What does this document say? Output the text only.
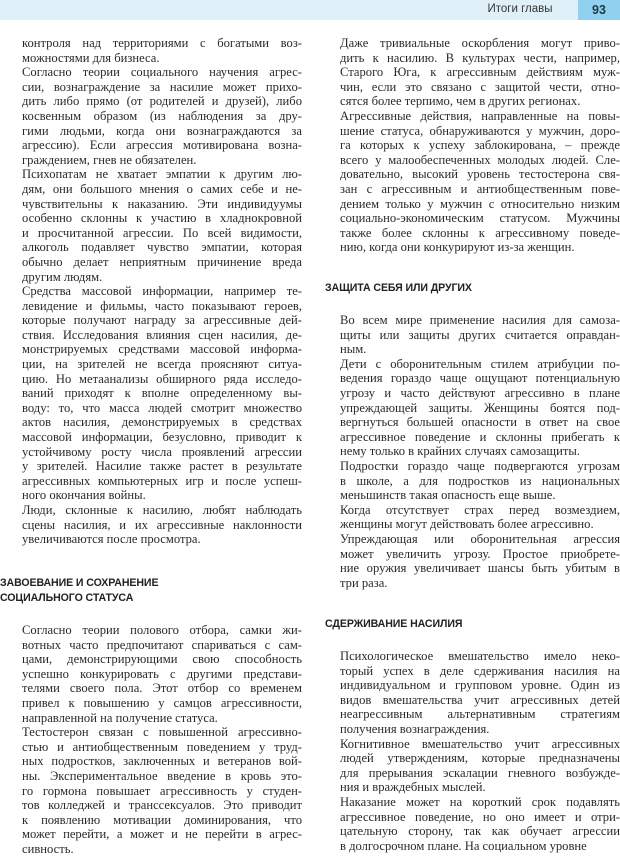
Итоги главы	93
контроля над территориями с богатыми воз-
можностями для бизнеса.
Согласно теории социального научения агрес-
сии, вознаграждение за насилие может прихо-
дить либо прямо (от родителей и друзей), либо
косвенным образом (из наблюдения за дру-
гими людьми, когда они вознаграждаются за
агрессию). Если агрессия мотивирована возна-
граждением, гнев не обязателен.
Психопатам не хватает эмпатии к другим лю-
дям, они большого мнения о самих себе и не-
чувствительны к наказанию. Эти индивидуумы
особенно склонны к участию в хладнокровной
и просчитанной агрессии. По всей видимости,
алкоголь подавляет чувство эмпатии, которая
обычно делает неприятным причинение вреда
другим людям.
Средства массовой информации, например те-
левидение и фильмы, часто показывают героев,
которые получают награду за агрессивные дей-
ствия. Исследования влияния сцен насилия, де-
монстрируемых средствами массовой информа-
ции, на зрителей не всегда проясняют ситуа-
цию. Но метаанализы обширного ряда исследо-
ваний приходят к вполне определенному вы-
воду: то, что масса людей смотрит множество
актов насилия, демонстрируемых в средствах
массовой информации, безусловно, приводит к
устойчивому росту числа проявлений агрессии
у зрителей. Насилие также растет в результате
агрессивных компьютерных игр и после успеш-
ного окончания войны.
Люди, склонные к насилию, любят наблюдать
сцены насилия, и их агрессивные наклонности
увеличиваются после просмотра.
ЗАВОЕВАНИЕ И СОХРАНЕНИЕ
СОЦИАЛЬНОГО СТАТУСА
Согласно теории полового отбора, самки жи-
вотных часто предпочитают спариваться с сам-
цами, демонстрирующими свою способность
успешно конкурировать с другими представи-
телями своего пола. Этот отбор со временем
привел к повышению у самцов агрессивности,
направленной на получение статуса.
Тестостерон связан с повышенной агрессивно-
стью и антиобщественным поведением у труд-
ных подростков, заключенных и ветеранов вой-
ны. Экспериментальное введение в кровь это-
го гормона повышает агрессивность у студен-
тов колледжей и транссексуалов. Это приводит
к появлению мотивации доминирования, что
может перейти, а может и не перейти в агрес-
сивность.
Даже тривиальные оскорбления могут приво-
дить к насилию. В культурах чести, например,
Старого Юга, к агрессивным действиям муж-
чин, если это связано с защитой чести, отно-
сятся более терпимо, чем в других регионах.
Агрессивные действия, направленные на повы-
шение статуса, обнаруживаются у мужчин, доро-
га которых к успеху заблокирована, – прежде
всего у малообеспеченных молодых людей. Сле-
довательно, высокий уровень тестостерона свя-
зан с агрессивным и антиобщественным пове-
дением только у мужчин с относительно низким
социально-экономическим статусом. Мужчины
также более склонны к агрессивному поведе-
нию, когда они конкурируют из-за женщин.
ЗАЩИТА СЕБЯ ИЛИ ДРУГИХ
Во всем мире применение насилия для самоза-
щиты или защиты других считается оправдан-
ным.
Дети с оборонительным стилем атрибуции по-
ведения гораздо чаще ощущают потенциальную
угрозу и часто действуют агрессивно в плане
упреждающей защиты. Женщины боятся под-
вергнуться большей опасности в ответ на свое
агрессивное поведение и склонны прибегать к
нему только в крайних случаях самозащиты.
Подростки гораздо чаще подвергаются угрозам
в школе, а для подростков из национальных
меньшинств такая опасность еще выше.
Когда отсутствует страх перед возмездием,
женщины могут действовать более агрессивно.
Упреждающая или оборонительная агрессия
может увеличить угрозу. Простое приобрете-
ние оружия увеличивает шансы быть убитым в
три раза.
СДЕРЖИВАНИЕ НАСИЛИЯ
Психологическое вмешательство имело неко-
торый успех в деле сдерживания насилия на
индивидуальном и групповом уровне. Один из
видов вмешательства учит агрессивных детей
неагрессивным альтернативным стратегиям
получения вознаграждения.
Когнитивное вмешательство учит агрессивных
людей утверждениям, которые предназначены
для прерывания эскалации гневного возбужде-
ния и враждебных мыслей.
Наказание может на короткий срок подавлять
агрессивное поведение, но оно имеет и отри-
цательную сторону, так как обучает агрессии
в долгосрочном плане. На социальном уровне
